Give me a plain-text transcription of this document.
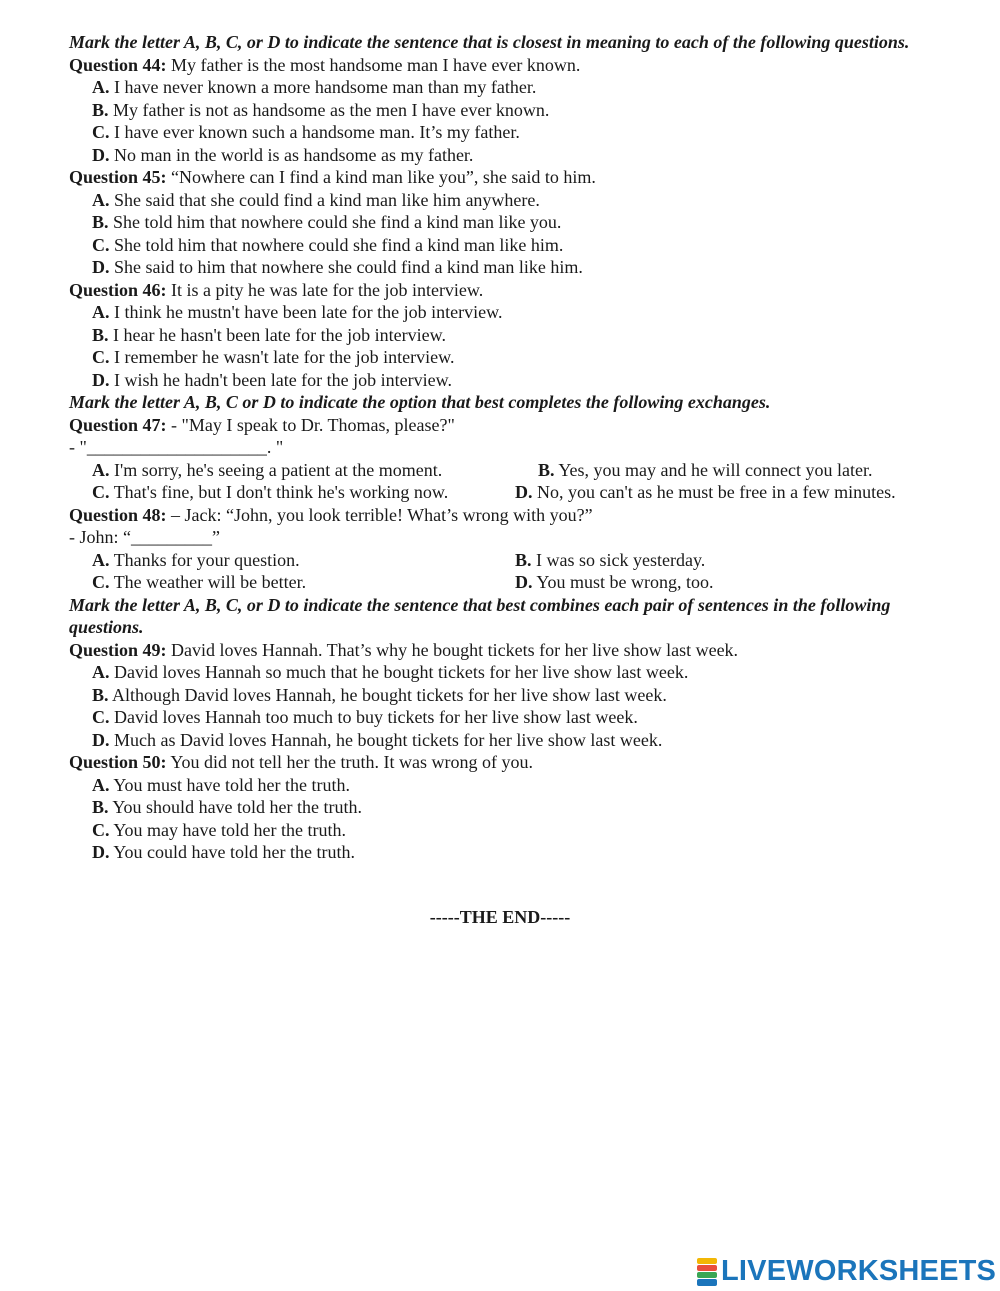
Mark the letter A, B, C, or D to indicate the sentence that is closest in meaning to each of the following questions.
Question 44: My father is the most handsome man I have ever known.
A. I have never known a more handsome man than my father.
B. My father is not as handsome as the men I have ever known.
C. I have ever known such a handsome man. It’s my father.
D. No man in the world is as handsome as my father.
Question 45: “Nowhere can I find a kind man like you”, she said to him.
A. She said that she could find a kind man like him anywhere.
B. She told him that nowhere could she find a kind man like you.
C. She told him that nowhere could she find a kind man like him.
D. She said to him that nowhere she could find a kind man like him.
Question 46: It is a pity he was late for the job interview.
A. I think he mustn't have been late for the job interview.
B. I hear he hasn't been late for the job interview.
C. I remember he wasn't late for the job interview.
D. I wish he hadn't been late for the job interview.
Mark the letter A, B, C or D to indicate the option that best completes the following exchanges.
Question 47: - "May I speak to Dr. Thomas, please?"
- "____________________. "
A. I'm sorry, he's seeing a patient at the moment.	B. Yes, you may and he will connect you later.
C. That's fine, but I don't think he's working now.	D. No, you can't as he must be free in a few minutes.
Question 48: – Jack: “John, you look terrible! What’s wrong with you?”
- John: “_________”
A. Thanks for your question.	B. I was so sick yesterday.
C. The weather will be better.	D. You must be wrong, too.
Mark the letter A, B, C, or D to indicate the sentence that best combines each pair of sentences in the following questions.
Question 49: David loves Hannah. That’s why he bought tickets for her live show last week.
A. David loves Hannah so much that he bought tickets for her live show last week.
B. Although David loves Hannah, he bought tickets for her live show last week.
C. David loves Hannah too much to buy tickets for her live show last week.
D. Much as David loves Hannah, he bought tickets for her live show last week.
Question 50: You did not tell her the truth. It was wrong of you.
A. You must have told her the truth.
B. You should have told her the truth.
C. You may have told her the truth.
D. You could have told her the truth.
-----THE END-----
LIVEWORKSHEETS
